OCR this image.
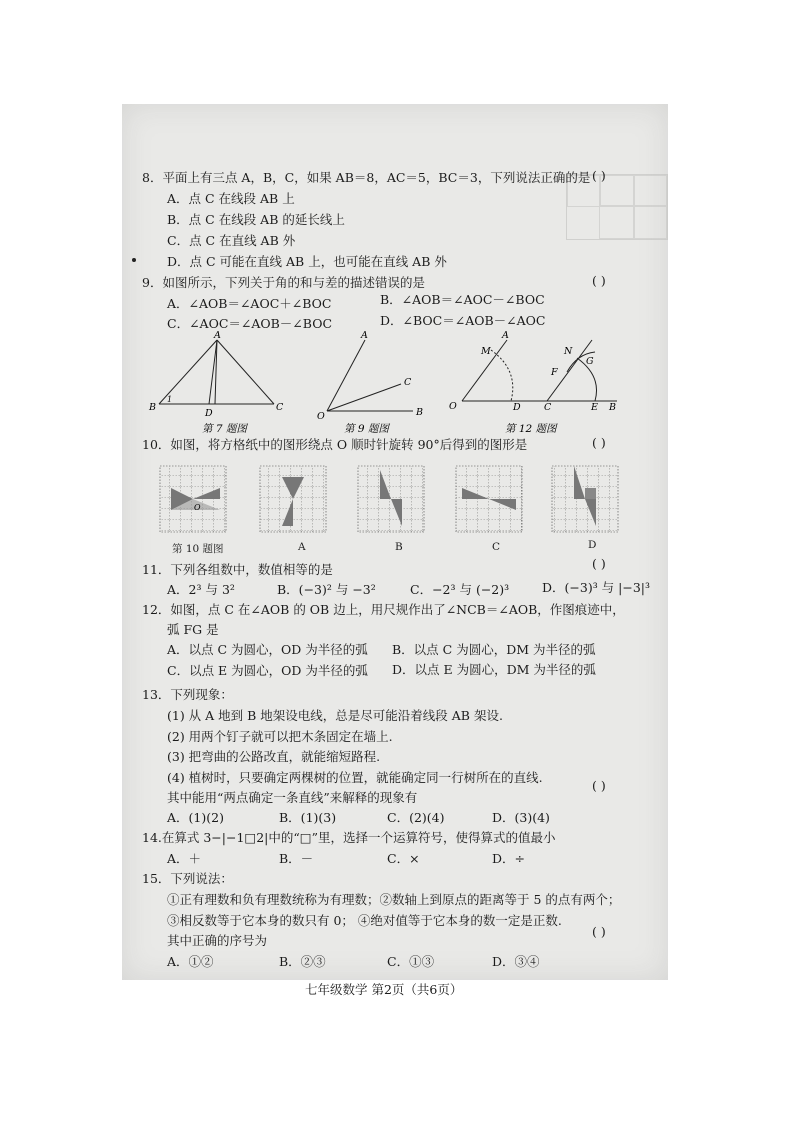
8．平面上有三点 A，B，C，如果 AB＝8，AC＝5，BC＝3，下列说法正确的是 ( )
A．点 C 在线段 AB 上
B．点 C 在线段 AB 的延长线上
C．点 C 在直线 AB 外
D．点 C 可能在直线 AB 上，也可能在直线 AB 外
9．如图所示，下列关于角的和与差的描述错误的是	( )
A．∠AOB＝∠AOC＋∠BOC	B．∠AOB＝∠AOC－∠BOC
C．∠AOC＝∠AOB－∠BOC	D．∠BOC＝∠AOB－∠AOC
A
B
1
D
C
A
C
O	B
A
M	N
G
F
O	D C	E B
第 7 题图	第 9 题图	第 12 题图
10．如图，将方格纸中的图形绕点 O 顺时针旋转 90°后得到的图形是	( )
O
第 10 题图	A	B	C	D
11．下列各组数中，数值相等的是	( )
A．2³ 与 3²	B．(−3)² 与 −3²	C．−2³ 与 (−2)³	D．(−3)³ 与 |−3|³
12．如图，点 C 在∠AOB 的 OB 边上，用尺规作出了∠NCB＝∠AOB，作图痕迹中，
弧 FG 是
A．以点 C 为圆心，OD 为半径的弧 B．以点 C 为圆心，DM 为半径的弧
C．以点 E 为圆心，OD 为半径的弧 D．以点 E 为圆心，DM 为半径的弧
13．下列现象：
(1) 从 A 地到 B 地架设电线，总是尽可能沿着线段 AB 架设.
(2) 用两个钉子就可以把木条固定在墙上.
(3) 把弯曲的公路改直，就能缩短路程.
(4) 植树时，只要确定两棵树的位置，就能确定同一行树所在的直线.
其中能用“两点确定一条直线”来解释的现象有
( )
A．(1)(2)	B．(1)(3)	C．(2)(4)	D．(3)(4)
14.在算式 3−|−1□2|中的“□”里，选择一个运算符号，使得算式的值最小
A．＋	B．－	C．×	D．÷
15．下列说法：
①正有理数和负有理数统称为有理数；②数轴上到原点的距离等于 5 的点有两个；
③相反数等于它本身的数只有 0； ④绝对值等于它本身的数一定是正数.
其中正确的序号为
( )
A．①②	B．②③	C．①③	D．③④
七年级数学 第2页（共6页）
